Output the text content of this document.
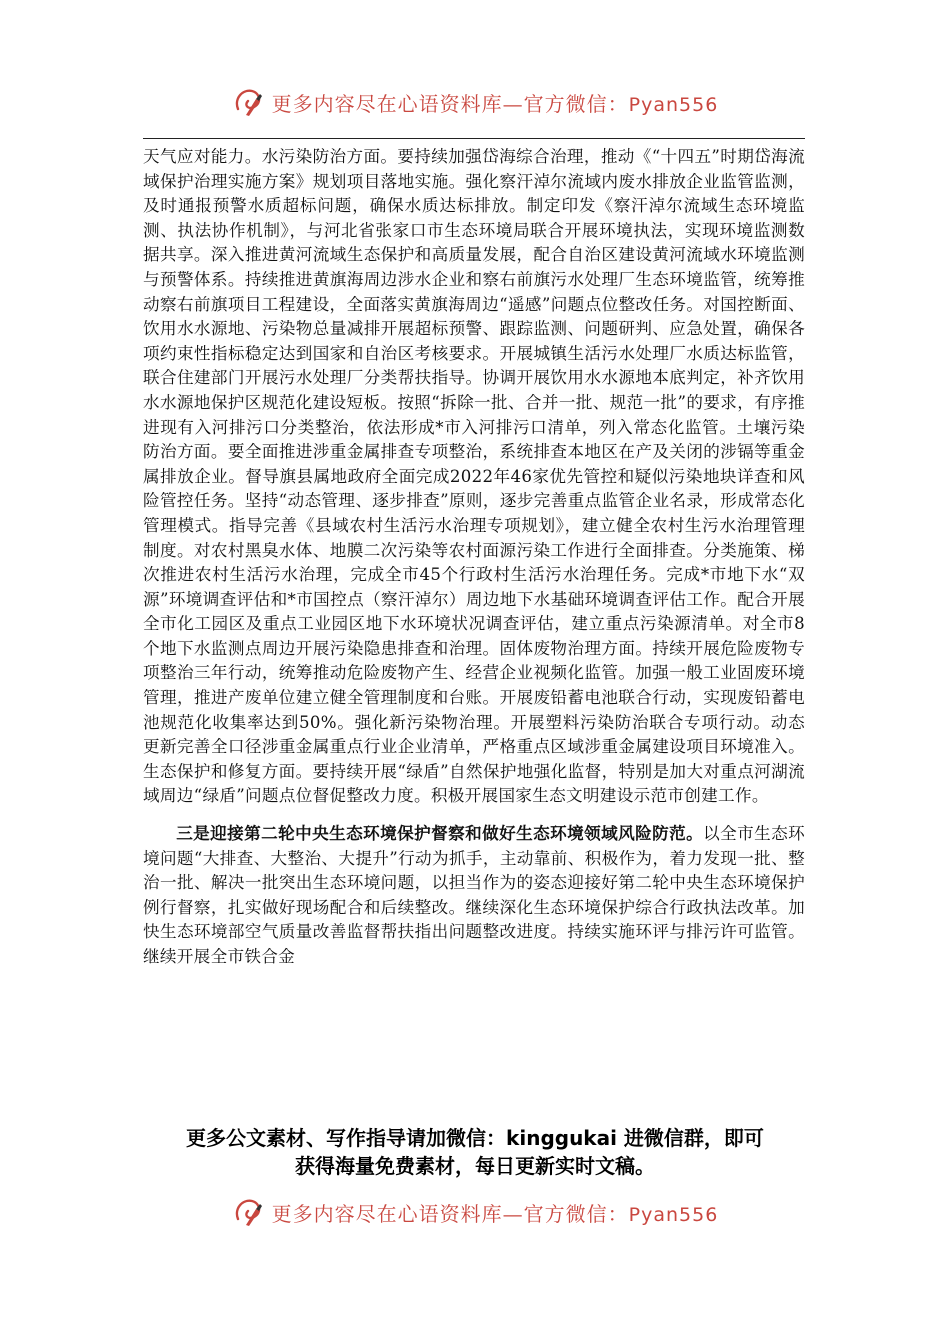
更多内容尽在心语资料库—官方微信：Pyan556

天气应对能力。水污染防治方面。要持续加强岱海综合治理，推动《“十四五”时期岱海流域保护治理实施方案》规划项目落地实施。强化察汗淖尔流域内废水排放企业监管监测，及时通报预警水质超标问题，确保水质达标排放。制定印发《察汗淖尔流域生态环境监测、执法协作机制》，与河北省张家口市生态环境局联合开展环境执法，实现环境监测数据共享。深入推进黄河流域生态保护和高质量发展，配合自治区建设黄河流域水环境监测与预警体系。持续推进黄旗海周边涉水企业和察右前旗污水处理厂生态环境监管，统筹推动察右前旗项目工程建设，全面落实黄旗海周边“遥感”问题点位整改任务。对国控断面、饮用水水源地、污染物总量减排开展超标预警、跟踪监测、问题研判、应急处置，确保各项约束性指标稳定达到国家和自治区考核要求。开展城镇生活污水处理厂水质达标监管，联合住建部门开展污水处理厂分类帮扶指导。协调开展饮用水水源地本底判定，补齐饮用水水源地保护区规范化建设短板。按照“拆除一批、合并一批、规范一批”的要求，有序推进现有入河排污口分类整治，依法形成*市入河排污口清单，列入常态化监管。土壤污染防治方面。要全面推进涉重金属排查专项整治，系统排查本地区在产及关闭的涉镉等重金属排放企业。督导旗县属地政府全面完成2022年46家优先管控和疑似污染地块详查和风险管控任务。坚持“动态管理、逐步排查”原则，逐步完善重点监管企业名录，形成常态化管理模式。指导完善《县域农村生活污水治理专项规划》，建立健全农村生污水治理管理制度。对农村黑臭水体、地膜二次污染等农村面源污染工作进行全面排查。分类施策、梯次推进农村生活污水治理，完成全市45个行政村生活污水治理任务。完成*市地下水“双源”环境调查评估和*市国控点（察汗淖尔）周边地下水基础环境调查评估工作。配合开展全市化工园区及重点工业园区地下水环境状况调查评估，建立重点污染源清单。对全市8个地下水监测点周边开展污染隐患排查和治理。固体废物治理方面。持续开展危险废物专项整治三年行动，统筹推动危险废物产生、经营企业视频化监管。加强一般工业固废环境管理，推进产废单位建立健全管理制度和台账。开展废铅蓄电池联合行动，实现废铅蓄电池规范化收集率达到50%。强化新污染物治理。开展塑料污染防治联合专项行动。动态更新完善全口径涉重金属重点行业企业清单，严格重点区域涉重金属建设项目环境准入。生态保护和修复方面。要持续开展“绿盾”自然保护地强化监督，特别是加大对重点河湖流域周边“绿盾”问题点位督促整改力度。积极开展国家生态文明建设示范市创建工作。

三是迎接第二轮中央生态环境保护督察和做好生态环境领域风险防范。以全市生态环境问题“大排查、大整治、大提升”行动为抓手，主动靠前、积极作为，着力发现一批、整治一批、解决一批突出生态环境问题，以担当作为的姿态迎接好第二轮中央生态环境保护例行督察，扎实做好现场配合和后续整改。继续深化生态环境保护综合行政执法改革。加快生态环境部空气质量改善监督帮扶指出问题整改进度。持续实施环评与排污许可监管。继续开展全市铁合金

更多公文素材、写作指导请加微信：kinggukai 进微信群，即可
获得海量免费素材，每日更新实时文稿。
更多内容尽在心语资料库—官方微信：Pyan556
